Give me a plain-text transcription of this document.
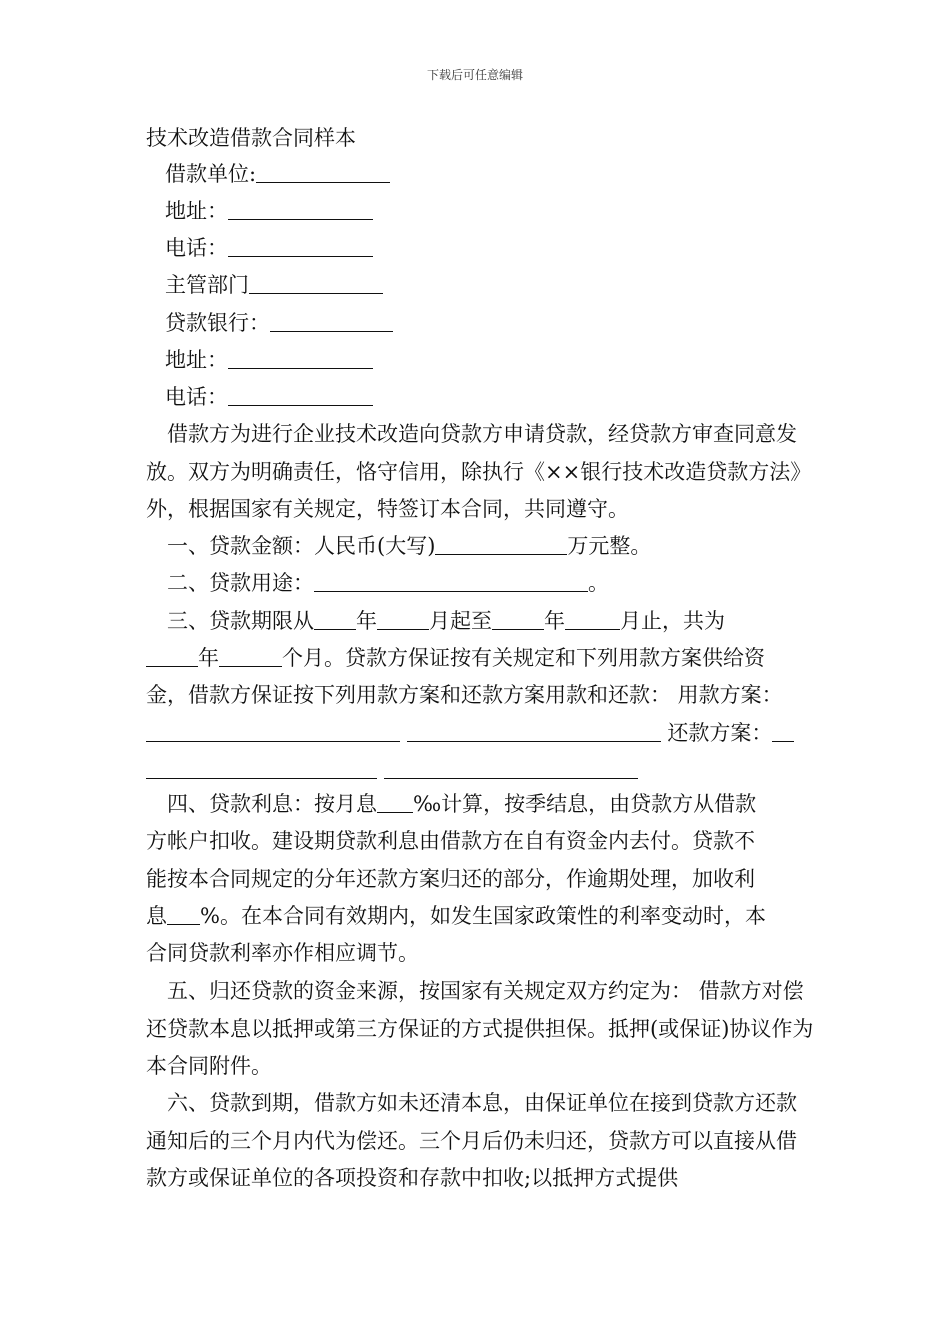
下载后可任意编辑
技术改造借款合同样本
借款单位:
地址：
电话：
主管部门
贷款银行：
地址：
电话：
借款方为进行企业技术改造向贷款方申请贷款，经贷款方审查同意发放。双方为明确责任，恪守信用，除执行《××银行技术改造贷款方法》外，根据国家有关规定，特签订本合同，共同遵守。
一、贷款金额：人民币(大写)	万元整。
二、贷款用途：	。
三、贷款期限从 年 月起至 年	月止，共为
年	个月。贷款方保证按有关规定和下列用款方案供给资
金，借款方保证按下列用款方案和还款方案用款和还款： 用款方案：
还款方案：

四、贷款利息：按月息 ‰计算，按季结息，由贷款方从借款
方帐户扣收。建设期贷款利息由借款方在自有资金内去付。贷款不
能按本合同规定的分年还款方案归还的部分，作逾期处理，加收利
息 %。在本合同有效期内，如发生国家政策性的利率变动时，本
合同贷款利率亦作相应调节。
五、归还贷款的资金来源，按国家有关规定双方约定为： 借款方对偿还贷款本息以抵押或第三方保证的方式提供担保。抵押(或保证)协议作为本合同附件。
六、贷款到期，借款方如未还清本息，由保证单位在接到贷款方还款通知后的三个月内代为偿还。三个月后仍未归还，贷款方可以直接从借款方或保证单位的各项投资和存款中扣收;以抵押方式提供
